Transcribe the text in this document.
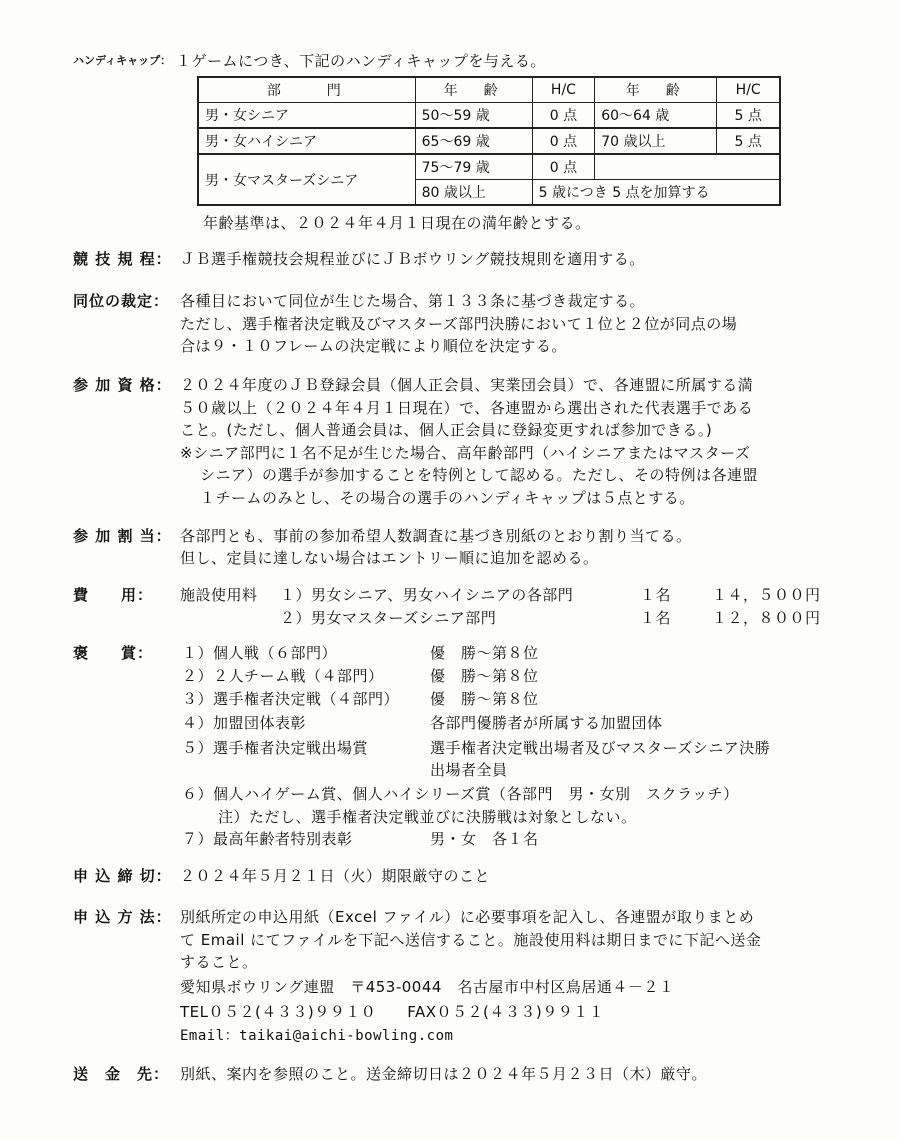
ハンディキャップ： １ゲームにつき、下記のハンディキャップを与える。
部　　門	年　齢	H/C	年　齢	H/C
男・女シニア	50～59 歳	0 点	60～64 歳	5 点
男・女ハイシニア	65～69 歳	0 点	70 歳以上	5 点
男・女マスターズシニア	75～79 歳	0 点		
	80 歳以上	5 歳につき 5 点を加算する		
年齢基準は、２０２４年４月１日現在の満年齢とする。
競 技 規 程： ＪＢ選手権競技会規程並びにＪＢボウリング競技規則を適用する。
同位の裁定： 各種目において同位が生じた場合、第１３３条に基づき裁定する。
ただし、選手権者決定戦及びマスターズ部門決勝において１位と２位が同点の場
合は９・１０フレームの決定戦により順位を決定する。
参 加 資 格： ２０２４年度のＪＢ登録会員（個人正会員、実業団会員）で、各連盟に所属する満
５０歳以上（２０２４年４月１日現在）で、各連盟から選出された代表選手である
こと。(ただし、個人普通会員は、個人正会員に登録変更すれば参加できる。)
※シニア部門に１名不足が生じた場合、高年齢部門（ハイシニアまたはマスターズ
シニア）の選手が参加することを特例として認める。ただし、その特例は各連盟
１チームのみとし、その場合の選手のハンディキャップは５点とする。
参 加 割 当： 各部門とも、事前の参加希望人数調査に基づき別紙のとおり割り当てる。
但し、定員に達しない場合はエントリー順に追加を認める。
費　　用： 施設使用料 １）男女シニア、男女ハイシニアの各部門	１名	１４，５００円
２）男女マスターズシニア部門	１名	１２，８００円
褒　　賞： １）個人戦（６部門）	優　勝～第８位
２）２人チーム戦（４部門）	優　勝～第８位
３）選手権者決定戦（４部門） 優　勝～第８位
４）加盟団体表彰	各部門優勝者が所属する加盟団体
５）選手権者決定戦出場賞	選手権者決定戦出場者及びマスターズシニア決勝
出場者全員
６）個人ハイゲーム賞、個人ハイシリーズ賞（各部門　男・女別　スクラッチ）
注）ただし、選手権者決定戦並びに決勝戦は対象としない。
７）最高年齢者特別表彰	男・女　各１名
申 込 締 切： ２０２４年５月２１日（火）期限厳守のこと
申 込 方 法： 別紙所定の申込用紙（Excel ファイル）に必要事項を記入し、各連盟が取りまとめ
て Email にてファイルを下記へ送信すること。施設使用料は期日までに下記へ送金
すること。
愛知県ボウリング連盟　〒453-0044　名古屋市中村区鳥居通４－２１
TEL０５２(４３３)９９１０　　FAX０５２(４３３)９９１１
Email：taikai@aichi-bowling.com
送　金　先： 別紙、案内を参照のこと。送金締切日は２０２４年５月２３日（木）厳守。
